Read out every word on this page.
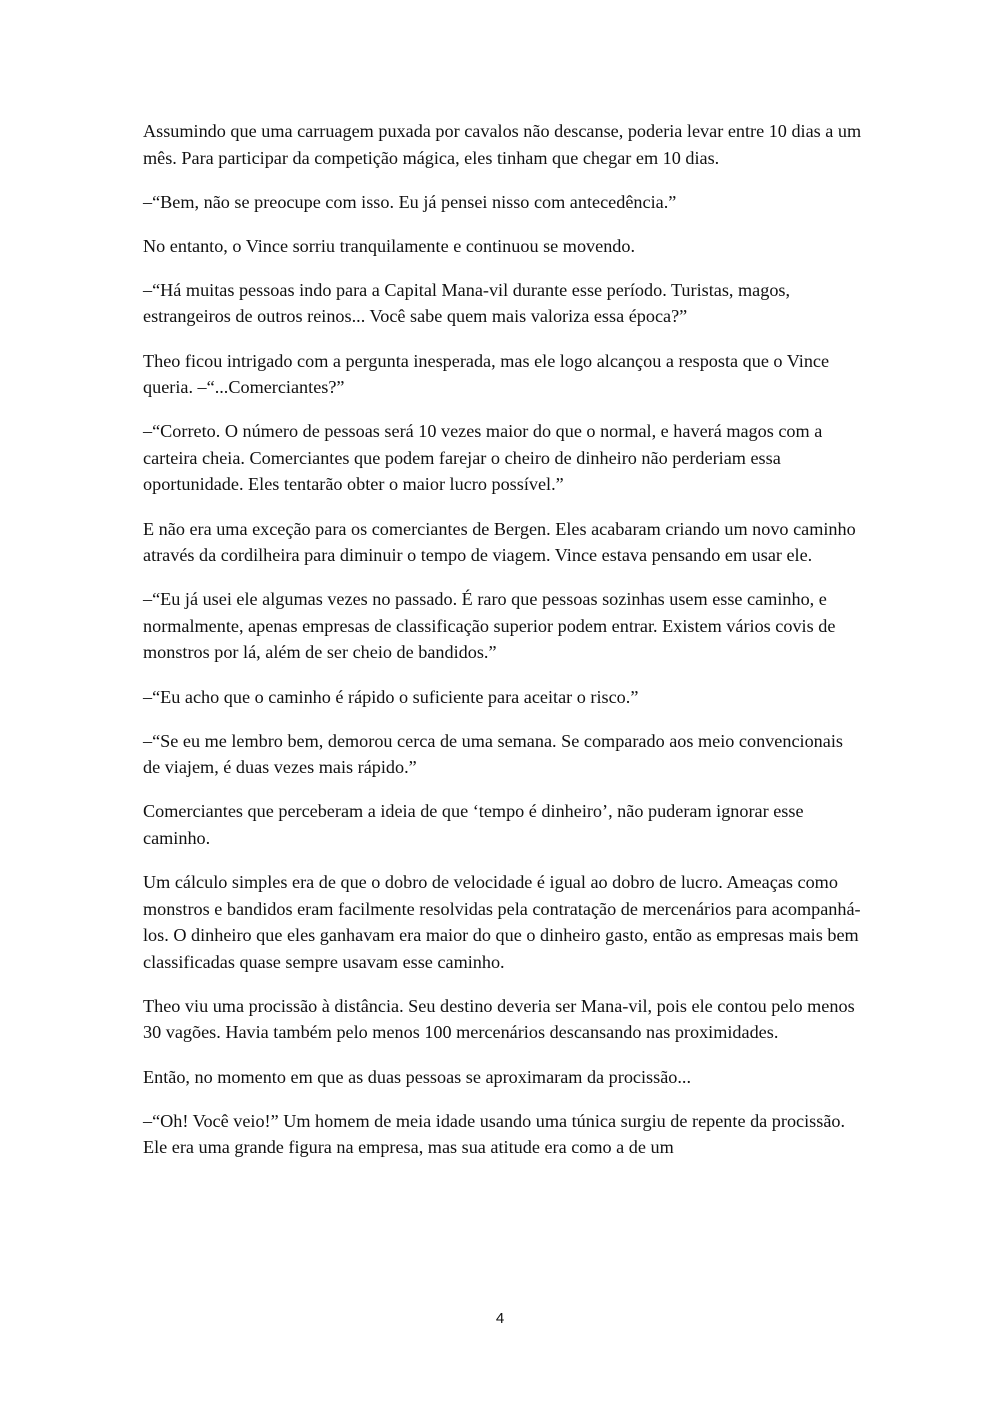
Assumindo que uma carruagem puxada por cavalos não descanse, poderia levar entre 10 dias a um mês. Para participar da competição mágica, eles tinham que chegar em 10 dias.

–“Bem, não se preocupe com isso. Eu já pensei nisso com antecedência.”

No entanto, o Vince sorriu tranquilamente e continuou se movendo.

–“Há muitas pessoas indo para a Capital Mana-vil durante esse período. Turistas, magos, estrangeiros de outros reinos... Você sabe quem mais valoriza essa época?”

Theo ficou intrigado com a pergunta inesperada, mas ele logo alcançou a resposta que o Vince queria. –“...Comerciantes?”

–“Correto. O número de pessoas será 10 vezes maior do que o normal, e haverá magos com a carteira cheia. Comerciantes que podem farejar o cheiro de dinheiro não perderiam essa oportunidade. Eles tentarão obter o maior lucro possível.”

E não era uma exceção para os comerciantes de Bergen. Eles acabaram criando um novo caminho através da cordilheira para diminuir o tempo de viagem. Vince estava pensando em usar ele.

–“Eu já usei ele algumas vezes no passado. É raro que pessoas sozinhas usem esse caminho, e normalmente, apenas empresas de classificação superior podem entrar. Existem vários covis de monstros por lá, além de ser cheio de bandidos.”

–“Eu acho que o caminho é rápido o suficiente para aceitar o risco.”

–“Se eu me lembro bem, demorou cerca de uma semana. Se comparado aos meio convencionais de viajem, é duas vezes mais rápido.”

Comerciantes que perceberam a ideia de que ‘tempo é dinheiro’, não puderam ignorar esse caminho.

Um cálculo simples era de que o dobro de velocidade é igual ao dobro de lucro. Ameaças como monstros e bandidos eram facilmente resolvidas pela contratação de mercenários para acompanhá-los. O dinheiro que eles ganhavam era maior do que o dinheiro gasto, então as empresas mais bem classificadas quase sempre usavam esse caminho.

Theo viu uma procissão à distância. Seu destino deveria ser Mana-vil, pois ele contou pelo menos 30 vagões. Havia também pelo menos 100 mercenários descansando nas proximidades.

Então, no momento em que as duas pessoas se aproximaram da procissão...

–“Oh! Você veio!” Um homem de meia idade usando uma túnica surgiu de repente da procissão. Ele era uma grande figura na empresa, mas sua atitude era como a de um

4
